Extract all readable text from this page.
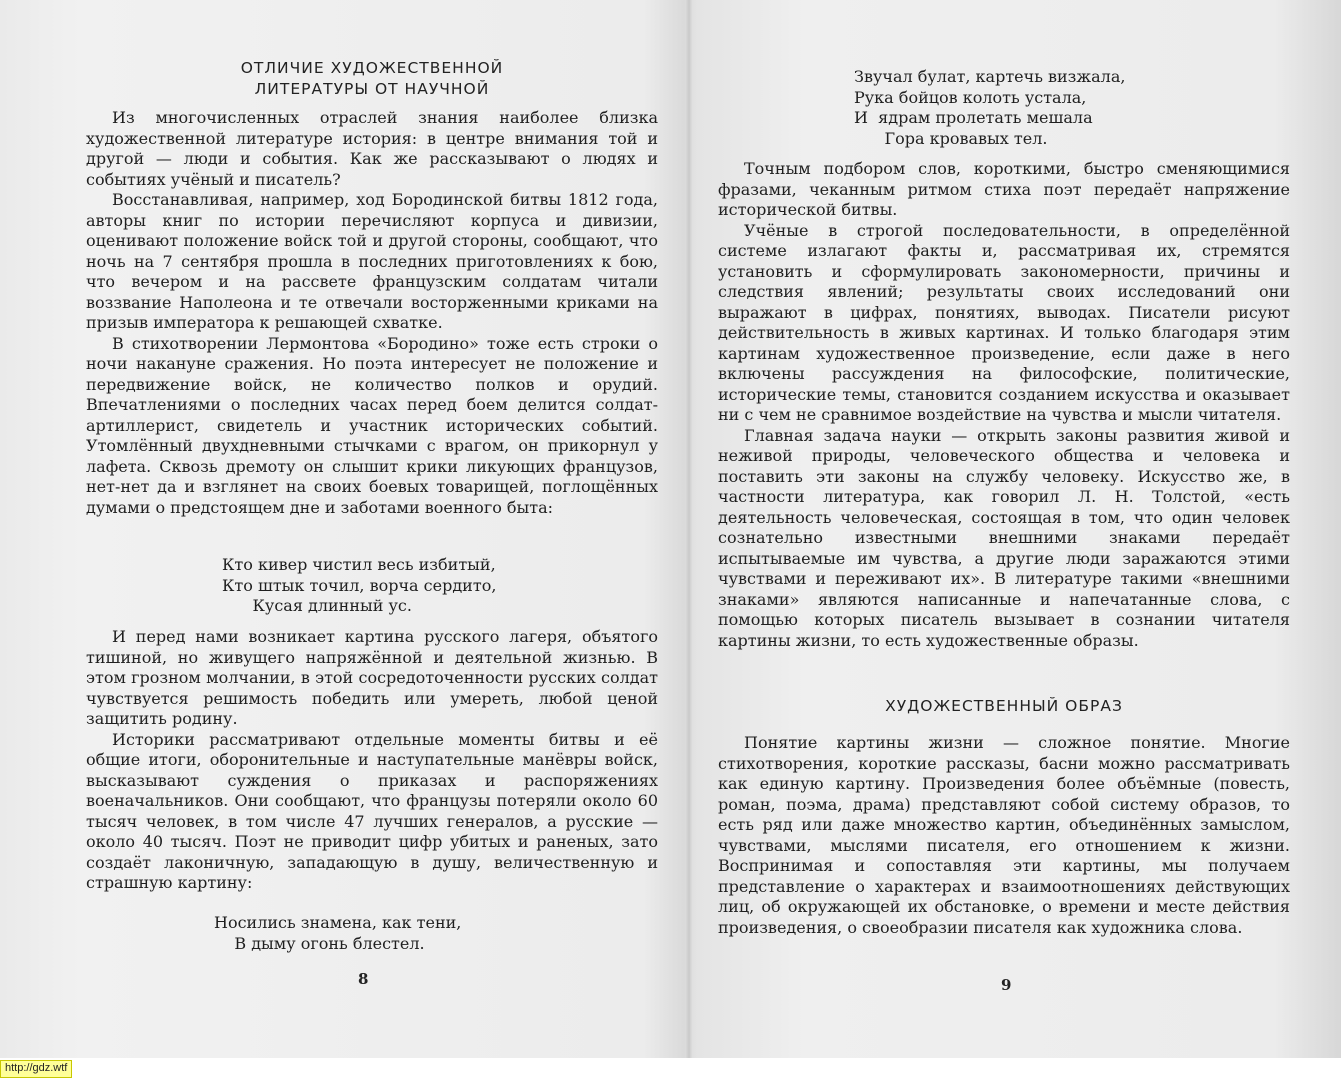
ОТЛИЧИЕ ХУДОЖЕСТВЕННОЙ
ЛИТЕРАТУРЫ ОТ НАУЧНОЙ

Из многочисленных отраслей знания наиболее близка художественной литературе история: в центре внимания той и другой — люди и события. Как же рассказывают о людях и событиях учёный и писатель?

Восстанавливая, например, ход Бородинской битвы 1812 года, авторы книг по истории перечисляют корпуса и дивизии, оценивают положение войск той и другой стороны, сообщают, что ночь на 7 сентября прошла в последних приготовлениях к бою, что вечером и на рассвете французским солдатам читали воззвание Наполеона и те отвечали восторженными криками на призыв императора к решающей схватке.

В стихотворении Лермонтова «Бородино» тоже есть строки о ночи накануне сражения. Но поэта интересует не положение и передвижение войск, не количество полков и орудий. Впечатлениями о последних часах перед боем делится солдат-артиллерист, свидетель и участник исторических событий. Утомлённый двухдневными стычками с врагом, он прикорнул у лафета. Сквозь дремоту он слышит крики ликующих французов, нет-нет да и взглянет на своих боевых товарищей, поглощённых думами о предстоящем дне и заботами военного быта:

Кто кивер чистил весь избитый,
Кто штык точил, ворча сердито,
Кусая длинный ус.

И перед нами возникает картина русского лагеря, объятого тишиной, но живущего напряжённой и деятельной жизнью. В этом грозном молчании, в этой сосредоточенности русских солдат чувствуется решимость победить или умереть, любой ценой защитить родину.

Историки рассматривают отдельные моменты битвы и её общие итоги, оборонительные и наступательные манёвры войск, высказывают суждения о приказах и распоряжениях военачальников. Они сообщают, что французы потеряли около 60 тысяч человек, в том числе 47 лучших генералов, а русские — около 40 тысяч. Поэт не приводит цифр убитых и раненых, зато создаёт лаконичную, западающую в душу, величественную и страшную картину:

Носились знамена, как тени,
В дыму огонь блестел.
8
Звучал булат, картечь визжала,
Рука бойцов колоть устала,
И  ядрам пролетать мешала
Гора кровавых тел.

Точным подбором слов, короткими, быстро сменяющимися фразами, чеканным ритмом стиха поэт передаёт напряжение исторической битвы.

Учёные в строгой последовательности, в определённой системе излагают факты и, рассматривая их, стремятся установить и сформулировать закономерности, причины и следствия явлений; результаты своих исследований они выражают в цифрах, понятиях, выводах. Писатели рисуют действительность в живых картинах. И только благодаря этим картинам художественное произведение, если даже в него включены рассуждения на философские, политические, исторические темы, становится созданием искусства и оказывает ни с чем не сравнимое воздействие на чувства и мысли читателя.

Главная задача науки — открыть законы развития живой и неживой природы, человеческого общества и человека и поставить эти законы на службу человеку. Искусство же, в частности литература, как говорил Л. Н. Толстой, «есть деятельность человеческая, состоящая в том, что один человек сознательно известными внешними знаками передаёт испытываемые им чувства, а другие люди заражаются этими чувствами и переживают их». В литературе такими «внешними знаками» являются написанные и напечатанные слова, с помощью которых писатель вызывает в сознании читателя картины жизни, то есть художественные образы.

ХУДОЖЕСТВЕННЫЙ ОБРАЗ

Понятие картины жизни — сложное понятие. Многие стихотворения, короткие рассказы, басни можно рассматривать как единую картину. Произведения более объёмные (повесть, роман, поэма, драма) представляют собой систему образов, то есть ряд или даже множество картин, объединённых замыслом, чувствами, мыслями писателя, его отношением к жизни. Воспринимая и сопоставляя эти картины, мы получаем представление о характерах и взаимоотношениях действующих лиц, об окружающей их обстановке, о времени и месте действия произведения, о своеобразии писателя как художника слова.

9
http://gdz.wtf
